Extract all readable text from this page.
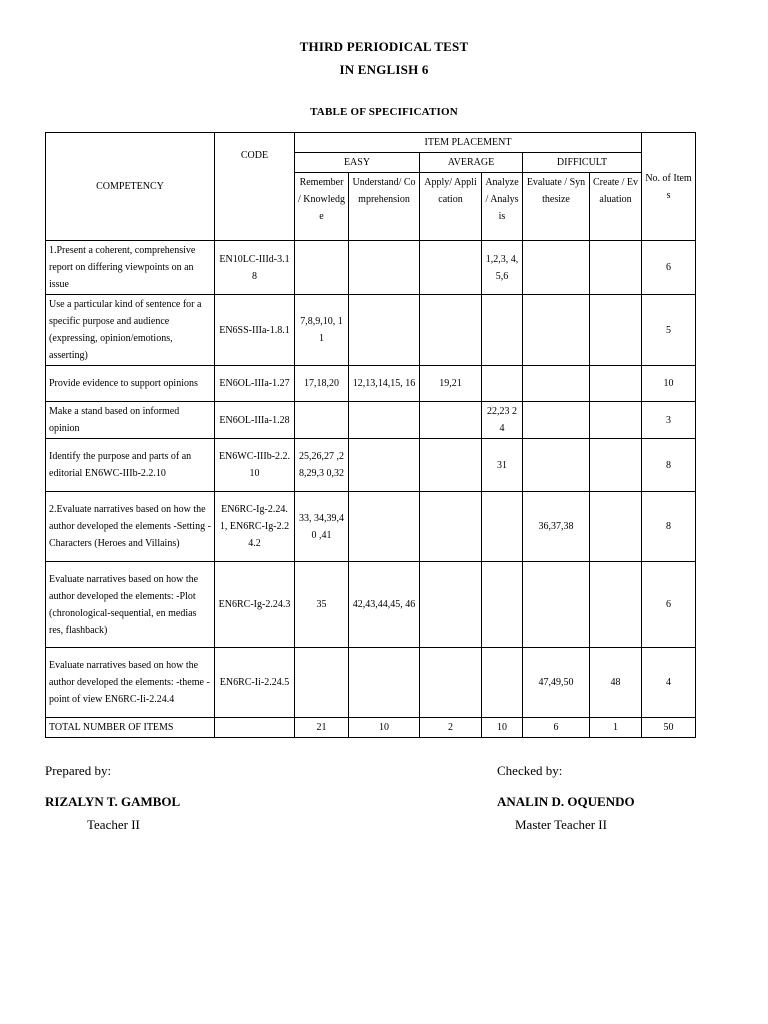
THIRD PERIODICAL TEST
IN ENGLISH 6
TABLE OF SPECIFICATION
COMPETENCY	CODE	ITEM PLACEMENT						No. of Items
		EASY		AVERAGE		DIFFICULT		
		Remember / Knowledge	Understand/ Comprehension	Apply/ Application	Analyze / Analysis	Evaluate / Synthesize	Create / Evaluation	
1.Present a coherent, comprehensive report on differing viewpoints on an issue	EN10LC-IIId-3.18				1,2,3, 4,5,6			6
Use a particular kind of sentence for a specific purpose and audience (expressing, opinion/emotions, asserting)	EN6SS-IIIa-1.8.1	7,8,9,10, 11						5
Provide evidence to support opinions	EN6OL-IIIa-1.27	17,18,20	12,13,14,15, 16	19,21				10
Make a stand based on informed opinion	EN6OL-IIIa-1.28				22,23 24			3
Identify the purpose and parts of an editorial EN6WC-IIIb-2.2.10	EN6WC-IIIb-2.2.10	25,26,27 ,28,29,3 0,32			31			8
2.Evaluate narratives based on how the author developed the elements -Setting -Characters (Heroes and Villains)	EN6RC-Ig-2.24.1, EN6RC-Ig-2.24.2	33, 34,39,40 ,41				36,37,38		8
Evaluate narratives based on how the author developed the elements: -Plot (chronological-sequential, en medias res, flashback)	EN6RC-Ig-2.24.3	35	42,43,44,45, 46					6
Evaluate narratives based on how the author developed the elements: -theme -point of view EN6RC-Ii-2.24.4	EN6RC-Ii-2.24.5					47,49,50	48	4
TOTAL NUMBER OF ITEMS		21	10	2	10	6	1	50
Prepared by:
RIZALYN T. GAMBOL
Teacher II
Checked by:
ANALIN D. OQUENDO
Master Teacher II
